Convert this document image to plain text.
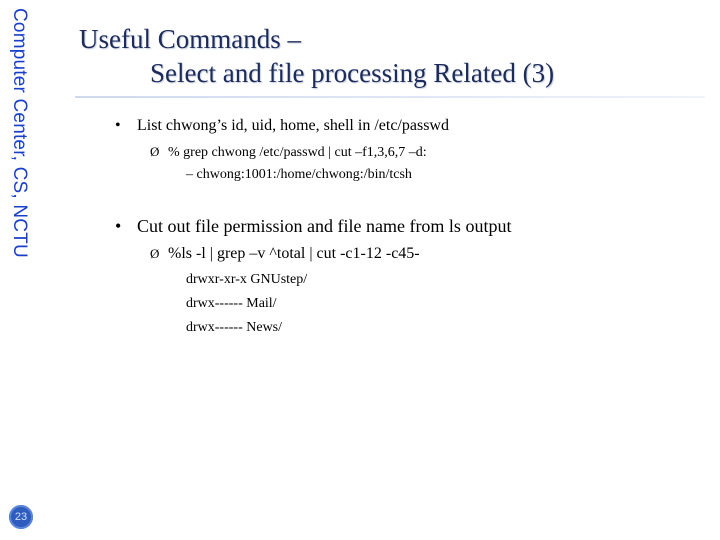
Computer Center, CS, NCTU
23
Useful Commands –
Select and file processing Related (3)
• List chwong’s id, uid, home, shell in /etc/passwd
Ø % grep chwong /etc/passwd | cut –f1,3,6,7 –d:
– chwong:1001:/home/chwong:/bin/tcsh
• Cut out file permission and file name from ls output
Ø %ls -l | grep –v ^total | cut -c1-12 -c45-
drwxr-xr-x GNUstep/
drwx------ Mail/
drwx------ News/
